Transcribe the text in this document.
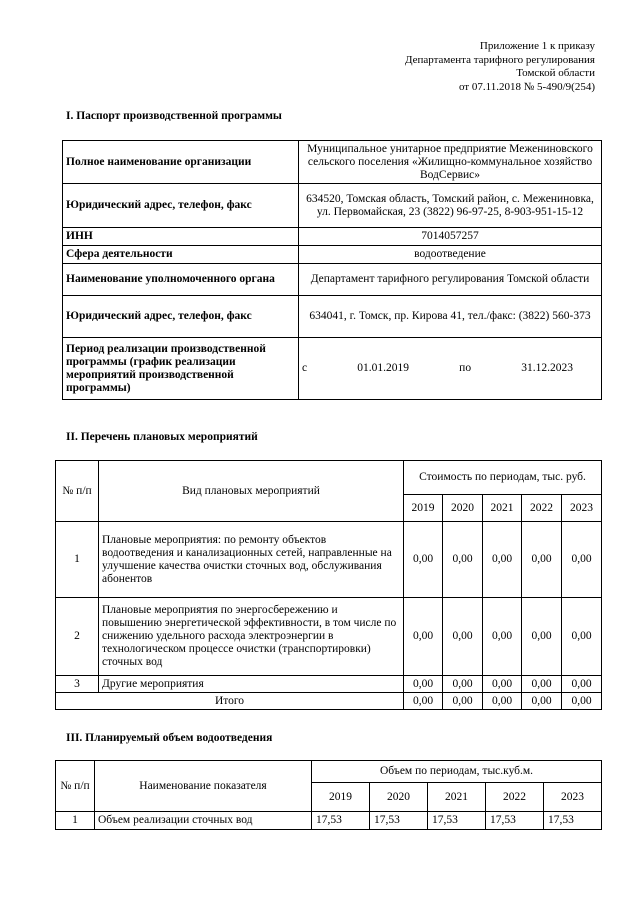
Приложение 1 к приказу
Департамента тарифного регулирования
Томской области
от 07.11.2018 № 5-490/9(254)
I. Паспорт производственной программы
Полное наименование организации	Муниципальное унитарное предприятие Межениновского сельского поселения «Жилищно-коммунальное хозяйство ВодСервис»
Юридический адрес, телефон, факс	634520, Томская область, Томский район, с. Межениновка, ул. Первомайская, 23 (3822) 96-97-25, 8-903-951-15-12
ИНН	7014057257
Сфера деятельности	водоотведение
Наименование уполномоченного органа	Департамент тарифного регулирования Томской области
Юридический адрес, телефон, факс	634041, г. Томск, пр. Кирова 41, тел./факс: (3822) 560-373
Период реализации производственной программы (график реализации мероприятий производственной программы)	с 01.01.2019 по 31.12.2023
II. Перечень плановых мероприятий
№ п/п	Вид плановых мероприятий	Стоимость по периодам, тыс. руб.				
		2019	2020	2021	2022	2023
1	Плановые мероприятия: по ремонту объектов водоотведения и канализационных сетей, направленные на улучшение качества очистки сточных вод, обслуживания абонентов	0,00	0,00	0,00	0,00	0,00
2	Плановые мероприятия по энергосбережению и повышению энергетической эффективности, в том числе по снижению удельного расхода электроэнергии в технологическом процессе очистки (транспортировки) сточных вод	0,00	0,00	0,00	0,00	0,00
3	Другие мероприятия	0,00	0,00	0,00	0,00	0,00
Итого		0,00	0,00	0,00	0,00	0,00
III. Планируемый объем водоотведения
№ п/п	Наименование показателя	Объем по периодам, тыс.куб.м.				
		2019	2020	2021	2022	2023
1	Объем реализации сточных вод	17,53	17,53	17,53	17,53	17,53
